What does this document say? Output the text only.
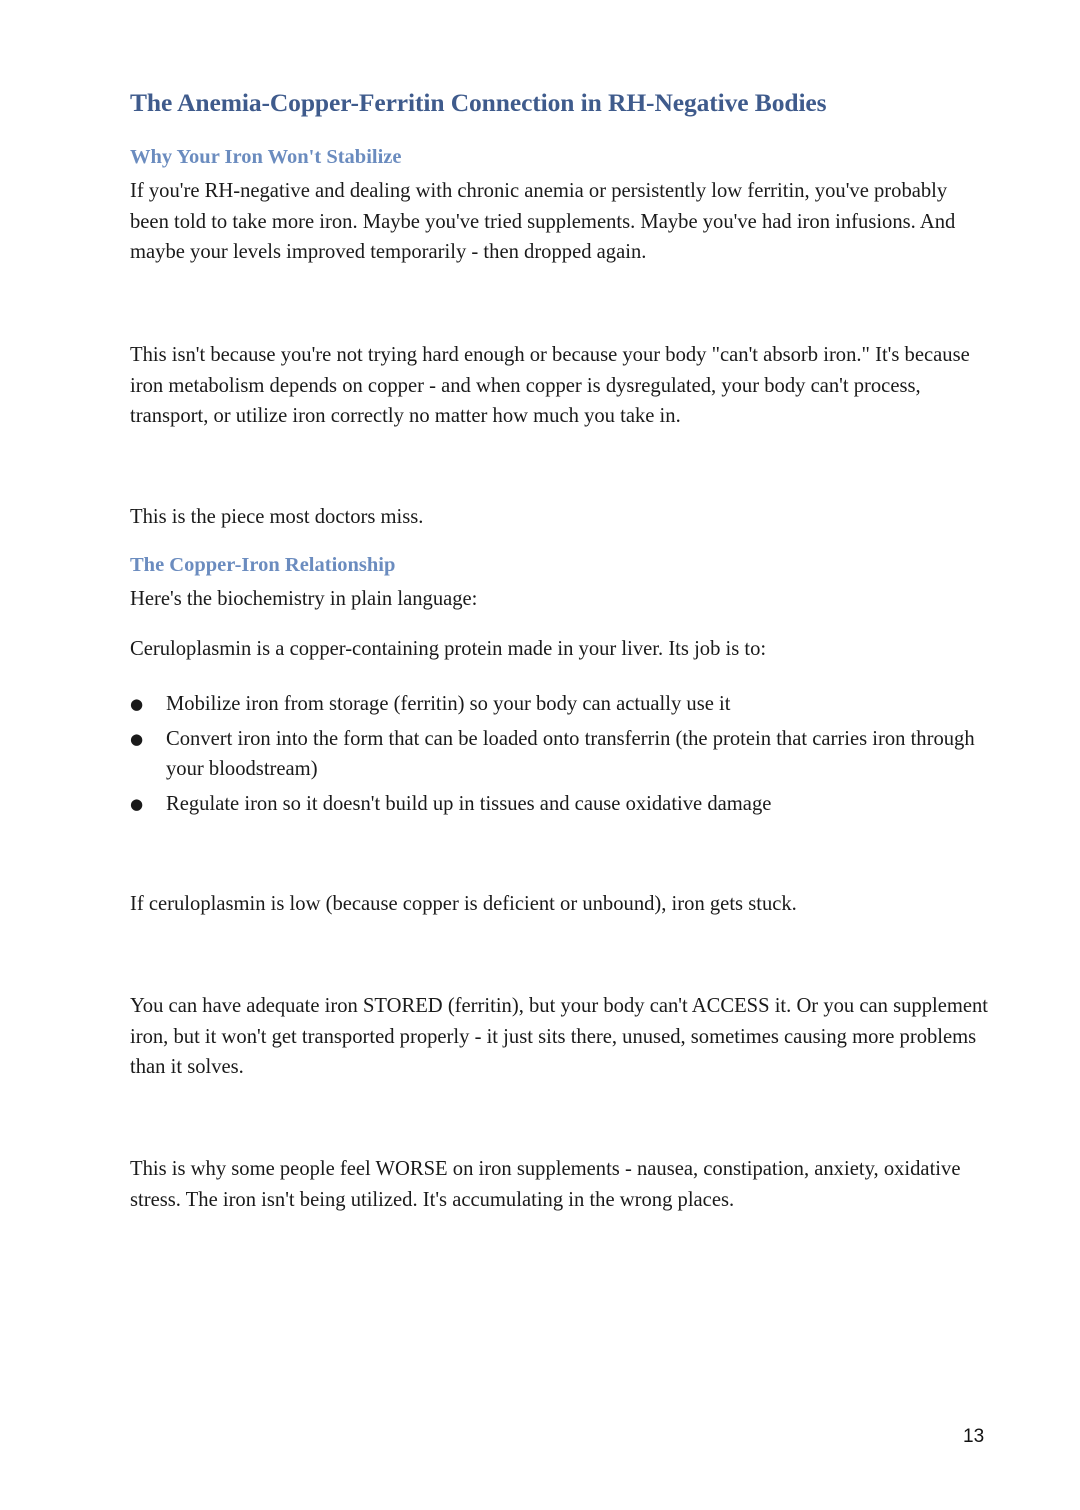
The Anemia-Copper-Ferritin Connection in RH-Negative Bodies
Why Your Iron Won't Stabilize

If you're RH-negative and dealing with chronic anemia or persistently low ferritin, you've probably been told to take more iron. Maybe you've tried supplements. Maybe you've had iron infusions. And maybe your levels improved temporarily - then dropped again.

This isn't because you're not trying hard enough or because your body "can't absorb iron." It's because iron metabolism depends on copper - and when copper is dysregulated, your body can't process, transport, or utilize iron correctly no matter how much you take in.

This is the piece most doctors miss.

The Copper-Iron Relationship

Here's the biochemistry in plain language:

Ceruloplasmin is a copper-containing protein made in your liver. Its job is to:

●	Mobilize iron from storage (ferritin) so your body can actually use it
●	Convert iron into the form that can be loaded onto transferrin (the protein that carries iron through your bloodstream)
●	Regulate iron so it doesn't build up in tissues and cause oxidative damage

If ceruloplasmin is low (because copper is deficient or unbound), iron gets stuck.

You can have adequate iron STORED (ferritin), but your body can't ACCESS it. Or you can supplement iron, but it won't get transported properly - it just sits there, unused, sometimes causing more problems than it solves.

This is why some people feel WORSE on iron supplements - nausea, constipation, anxiety, oxidative stress. The iron isn't being utilized. It's accumulating in the wrong places.

13
